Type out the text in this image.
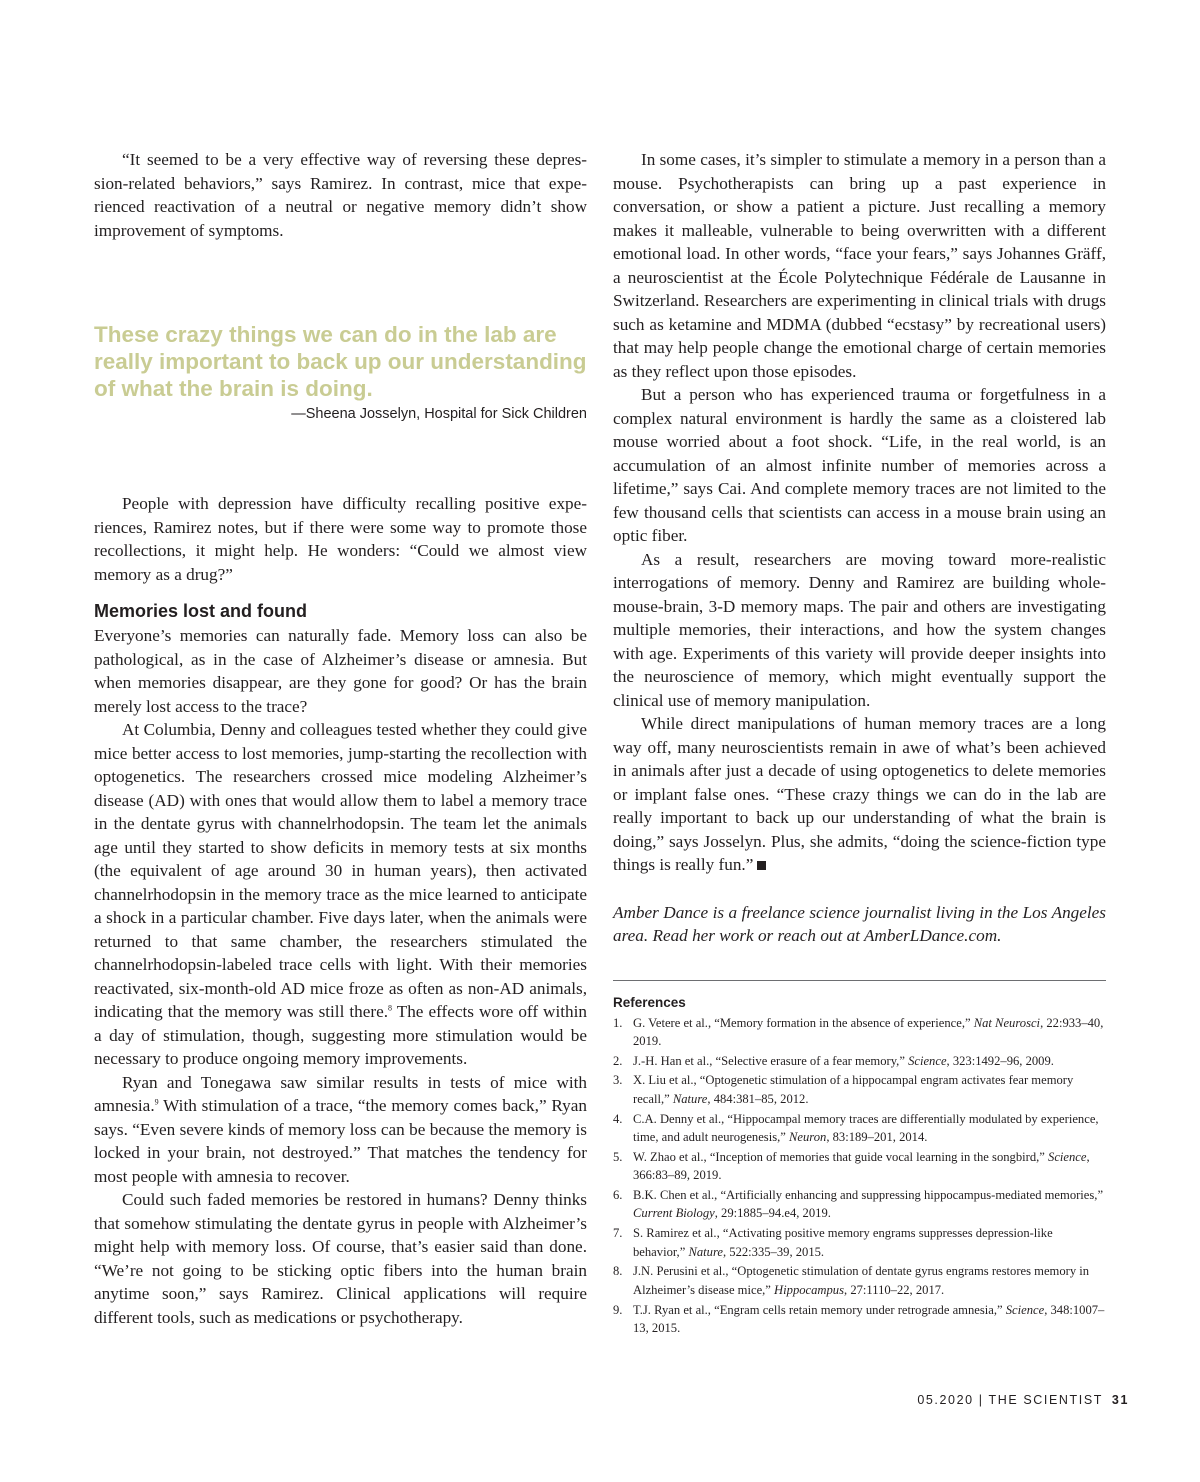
“It seemed to be a very effective way of reversing these depression-related behaviors,” says Ramirez. In contrast, mice that experienced reactivation of a neutral or negative memory didn’t show improvement of symptoms.

These crazy things we can do in the lab are really important to back up our understanding of what the brain is doing.
—Sheena Josselyn, Hospital for Sick Children

People with depression have difficulty recalling positive experiences, Ramirez notes, but if there were some way to promote those recollections, it might help. He wonders: “Could we almost view memory as a drug?”

Memories lost and found

Everyone’s memories can naturally fade. Memory loss can also be pathological, as in the case of Alzheimer’s disease or amnesia. But when memories disappear, are they gone for good? Or has the brain merely lost access to the trace?

At Columbia, Denny and colleagues tested whether they could give mice better access to lost memories, jump-starting the recollection with optogenetics. The researchers crossed mice modeling Alzheimer’s disease (AD) with ones that would allow them to label a memory trace in the dentate gyrus with channelrhodopsin. The team let the animals age until they started to show deficits in memory tests at six months (the equivalent of age around 30 in human years), then activated channelrhodopsin in the memory trace as the mice learned to anticipate a shock in a particular chamber. Five days later, when the animals were returned to that same chamber, the researchers stimulated the channelrhodopsin-labeled trace cells with light. With their memories reactivated, six-month-old AD mice froze as often as non-AD animals, indicating that the memory was still there.$^8$ The effects wore off within a day of stimulation, though, suggesting more stimulation would be necessary to produce ongoing memory improvements.

Ryan and Tonegawa saw similar results in tests of mice with amnesia.$^9$ With stimulation of a trace, “the memory comes back,” Ryan says. “Even severe kinds of memory loss can be because the memory is locked in your brain, not destroyed.” That matches the tendency for most people with amnesia to recover.

Could such faded memories be restored in humans? Denny thinks that somehow stimulating the dentate gyrus in people with Alzheimer’s might help with memory loss. Of course, that’s easier said than done. “We’re not going to be sticking optic fibers into the human brain anytime soon,” says Ramirez. Clinical applications will require different tools, such as medications or psychotherapy.

In some cases, it’s simpler to stimulate a memory in a person than a mouse. Psychotherapists can bring up a past experience in conversation, or show a patient a picture. Just recalling a memory makes it malleable, vulnerable to being overwritten with a different emotional load. In other words, “face your fears,” says Johannes Gräff, a neuroscientist at the École Polytechnique Fédérale de Lausanne in Switzerland. Researchers are experimenting in clinical trials with drugs such as ketamine and MDMA (dubbed “ecstasy” by recreational users) that may help people change the emotional charge of certain memories as they reflect upon those episodes.

But a person who has experienced trauma or forgetfulness in a complex natural environment is hardly the same as a cloistered lab mouse worried about a foot shock. “Life, in the real world, is an accumulation of an almost infinite number of memories across a lifetime,” says Cai. And complete memory traces are not limited to the few thousand cells that scientists can access in a mouse brain using an optic fiber.

As a result, researchers are moving toward more-realistic interrogations of memory. Denny and Ramirez are building whole-mouse-brain, 3-D memory maps. The pair and others are investigating multiple memories, their interactions, and how the system changes with age. Experiments of this variety will provide deeper insights into the neuroscience of memory, which might eventually support the clinical use of memory manipulation.

While direct manipulations of human memory traces are a long way off, many neuroscientists remain in awe of what’s been achieved in animals after just a decade of using optogenetics to delete memories or implant false ones. “These crazy things we can do in the lab are really important to back up our understanding of what the brain is doing,” says Josselyn. Plus, she admits, “doing the science-fiction type things is really fun.”

Amber Dance is a freelance science journalist living in the Los Angeles area. Read her work or reach out at AmberLDance.com.

References
1. G. Vetere et al., “Memory formation in the absence of experience,” Nat Neurosci, 22:933–40, 2019.
2. J.-H. Han et al., “Selective erasure of a fear memory,” Science, 323:1492–96, 2009.
3. X. Liu et al., “Optogenetic stimulation of a hippocampal engram activates fear memory recall,” Nature, 484:381–85, 2012.
4. C.A. Denny et al., “Hippocampal memory traces are differentially modulated by experience, time, and adult neurogenesis,” Neuron, 83:189–201, 2014.
5. W. Zhao et al., “Inception of memories that guide vocal learning in the songbird,” Science, 366:83–89, 2019.
6. B.K. Chen et al., “Artificially enhancing and suppressing hippocampus-mediated memories,” Current Biology, 29:1885–94.e4, 2019.
7. S. Ramirez et al., “Activating positive memory engrams suppresses depression-like behavior,” Nature, 522:335–39, 2015.
8. J.N. Perusini et al., “Optogenetic stimulation of dentate gyrus engrams restores memory in Alzheimer’s disease mice,” Hippocampus, 27:1110–22, 2017.
9. T.J. Ryan et al., “Engram cells retain memory under retrograde amnesia,” Science, 348:1007–13, 2015.
05.2020 | THE SCIENTIST 31
